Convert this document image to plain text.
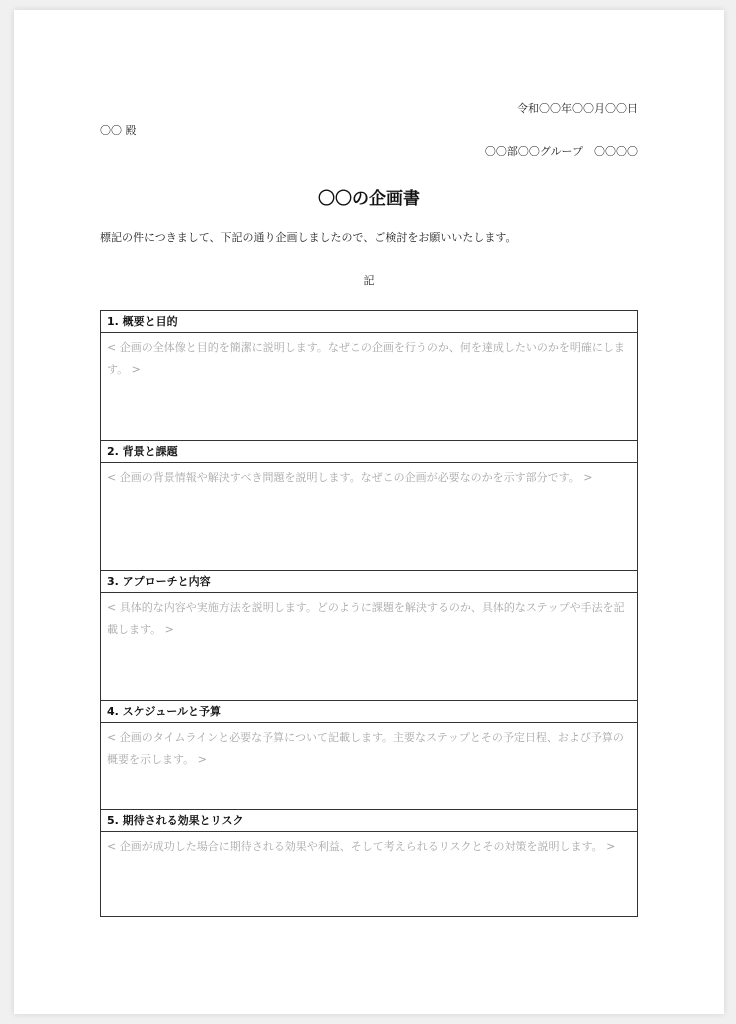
令和〇〇年〇〇月〇〇日
〇〇 殿
〇〇部〇〇グループ　〇〇〇〇
〇〇の企画書
標記の件につきまして、下記の通り企画しましたので、ご検討をお願いいたします。
記
1. 概要と目的
< 企画の全体像と目的を簡潔に説明します。なぜこの企画を行うのか、何を達成したいのかを明確にします。 >
2. 背景と課題
< 企画の背景情報や解決すべき問題を説明します。なぜこの企画が必要なのかを示す部分です。 >
3. アプローチと内容
< 具体的な内容や実施方法を説明します。どのように課題を解決するのか、具体的なステップや手法を記載します。 >
4. スケジュールと予算
< 企画のタイムラインと必要な予算について記載します。主要なステップとその予定日程、および予算の概要を示します。 >
5. 期待される効果とリスク
< 企画が成功した場合に期待される効果や利益、そして考えられるリスクとその対策を説明します。 >
